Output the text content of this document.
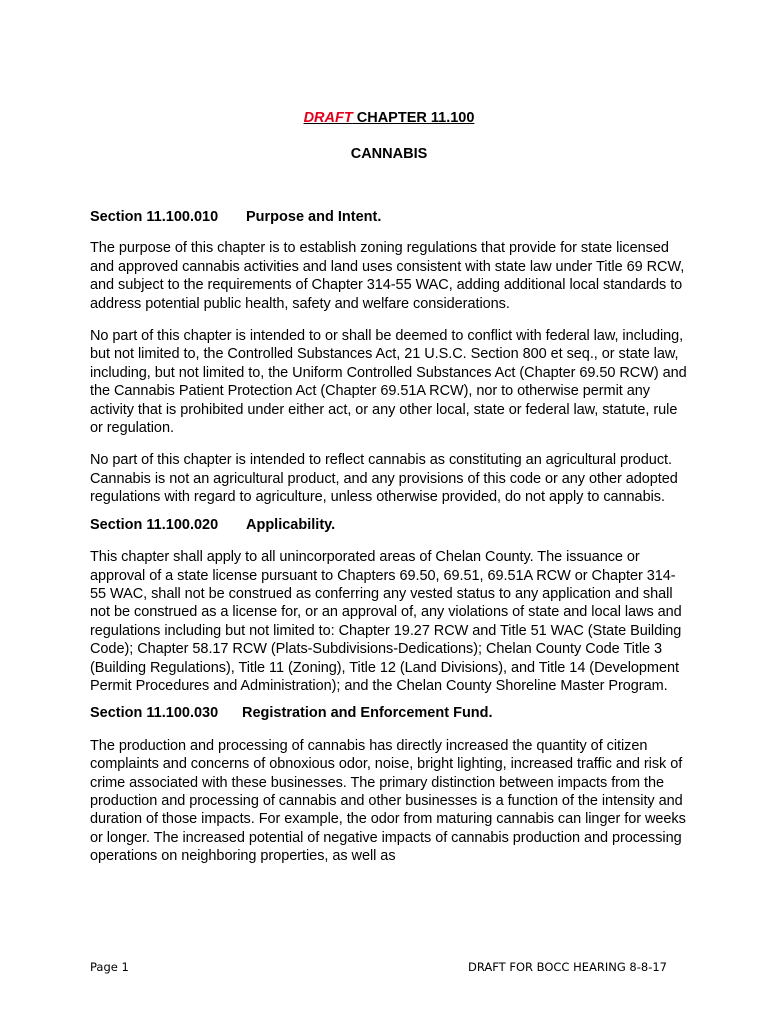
DRAFT CHAPTER 11.100
CANNABIS
Section 11.100.010 Purpose and Intent.

The purpose of this chapter is to establish zoning regulations that provide for state licensed and approved cannabis activities and land uses consistent with state law under Title 69 RCW, and subject to the requirements of Chapter 314-55 WAC, adding additional local standards to address potential public health, safety and welfare considerations.

No part of this chapter is intended to or shall be deemed to conflict with federal law, including, but not limited to, the Controlled Substances Act, 21 U.S.C. Section 800 et seq., or state law, including, but not limited to, the Uniform Controlled Substances Act (Chapter 69.50 RCW) and the Cannabis Patient Protection Act (Chapter 69.51A RCW), nor to otherwise permit any activity that is prohibited under either act, or any other local, state or federal law, statute, rule or regulation.

No part of this chapter is intended to reflect cannabis as constituting an agricultural product. Cannabis is not an agricultural product, and any provisions of this code or any other adopted regulations with regard to agriculture, unless otherwise provided, do not apply to cannabis.

Section 11.100.020 Applicability.

This chapter shall apply to all unincorporated areas of Chelan County. The issuance or approval of a state license pursuant to Chapters 69.50, 69.51, 69.51A RCW or Chapter 314-55 WAC, shall not be construed as conferring any vested status to any application and shall not be construed as a license for, or an approval of, any violations of state and local laws and regulations including but not limited to: Chapter 19.27 RCW and Title 51 WAC (State Building Code); Chapter 58.17 RCW (Plats-Subdivisions-Dedications); Chelan County Code Title 3 (Building Regulations), Title 11 (Zoning), Title 12 (Land Divisions), and Title 14 (Development Permit Procedures and Administration); and the Chelan County Shoreline Master Program.

Section 11.100.030 Registration and Enforcement Fund.

The production and processing of cannabis has directly increased the quantity of citizen complaints and concerns of obnoxious odor, noise, bright lighting, increased traffic and risk of crime associated with these businesses. The primary distinction between impacts from the production and processing of cannabis and other businesses is a function of the intensity and duration of those impacts. For example, the odor from maturing cannabis can linger for weeks or longer. The increased potential of negative impacts of cannabis production and processing operations on neighboring properties, as well as

Page 1	DRAFT FOR BOCC HEARING 8-8-17
